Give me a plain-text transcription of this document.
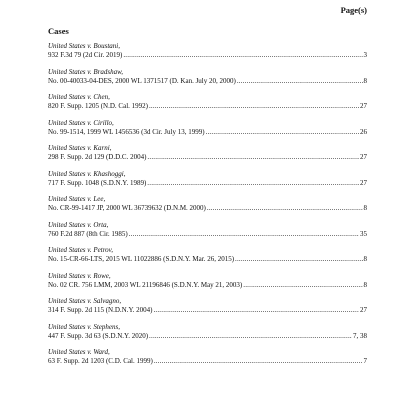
Page(s)
Cases
United States v. Boustani,
932 F.3d 79 (2d Cir. 2019) .....	3
United States v. Bradshaw,
No. 00-40033-04-DES, 2000 WL 1371517 (D. Kan. July 20, 2000) .....	8
United States v. Chen,
820 F. Supp. 1205 (N.D. Cal. 1992) .....	27
United States v. Cirillo,
No. 99-1514, 1999 WL 1456536 (3d Cir. July 13, 1999) .....	26
United States v. Karni,
298 F. Supp. 2d 129 (D.D.C. 2004) .....	27
United States v. Khashoggi,
717 F. Supp. 1048 (S.D.N.Y. 1989) .....	27
United States v. Lee,
No. CR-99-1417 JP, 2000 WL 36739632 (D.N.M. 2000) .....	8
United States v. Orta,
760 F.2d 887 (8th Cir. 1985) .....	35
United States v. Petrov,
No. 15-CR-66-LTS, 2015 WL 11022886 (S.D.N.Y. Mar. 26, 2015) .....	8
United States v. Rowe,
No. 02 CR. 756 LMM, 2003 WL 21196846 (S.D.N.Y. May 21, 2003) .....	8
United States v. Salvagno,
314 F. Supp. 2d 115 (N.D.N.Y. 2004) .....	27
United States v. Stephens,
447 F. Supp. 3d 63 (S.D.N.Y. 2020) .....	7, 38
United States v. Ward,
63 F. Supp. 2d 1203 (C.D. Cal. 1999) .....	7
